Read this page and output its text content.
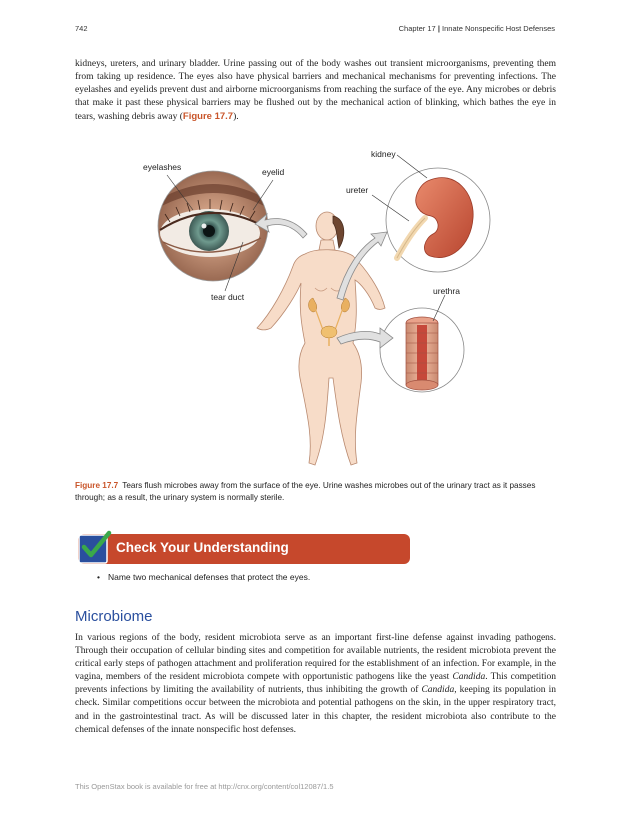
742	Chapter 17 | Innate Nonspecific Host Defenses

kidneys, ureters, and urinary bladder. Urine passing out of the body washes out transient microorganisms, preventing them from taking up residence. The eyes also have physical barriers and mechanical mechanisms for preventing infections. The eyelashes and eyelids prevent dust and airborne microorganisms from reaching the surface of the eye. Any microbes or debris that make it past these physical barriers may be flushed out by the mechanical action of blinking, which bathes the eye in tears, washing debris away (Figure 17.7).

eyelashes	eyelid
tear duct
kidney
ureter
urethra

Figure 17.7 Tears flush microbes away from the surface of the eye. Urine washes microbes out of the urinary tract as it passes through; as a result, the urinary system is normally sterile.

Check Your Understanding
• Name two mechanical defenses that protect the eyes.
Microbiome

In various regions of the body, resident microbiota serve as an important first-line defense against invading pathogens. Through their occupation of cellular binding sites and competition for available nutrients, the resident microbiota prevent the critical early steps of pathogen attachment and proliferation required for the establishment of an infection. For example, in the vagina, members of the resident microbiota compete with opportunistic pathogens like the yeast Candida. This competition prevents infections by limiting the availability of nutrients, thus inhibiting the growth of Candida, keeping its population in check. Similar competitions occur between the microbiota and potential pathogens on the skin, in the upper respiratory tract, and in the gastrointestinal tract. As will be discussed later in this chapter, the resident microbiota also contribute to the chemical defenses of the innate nonspecific host defenses.

This OpenStax book is available for free at http://cnx.org/content/col12087/1.5
